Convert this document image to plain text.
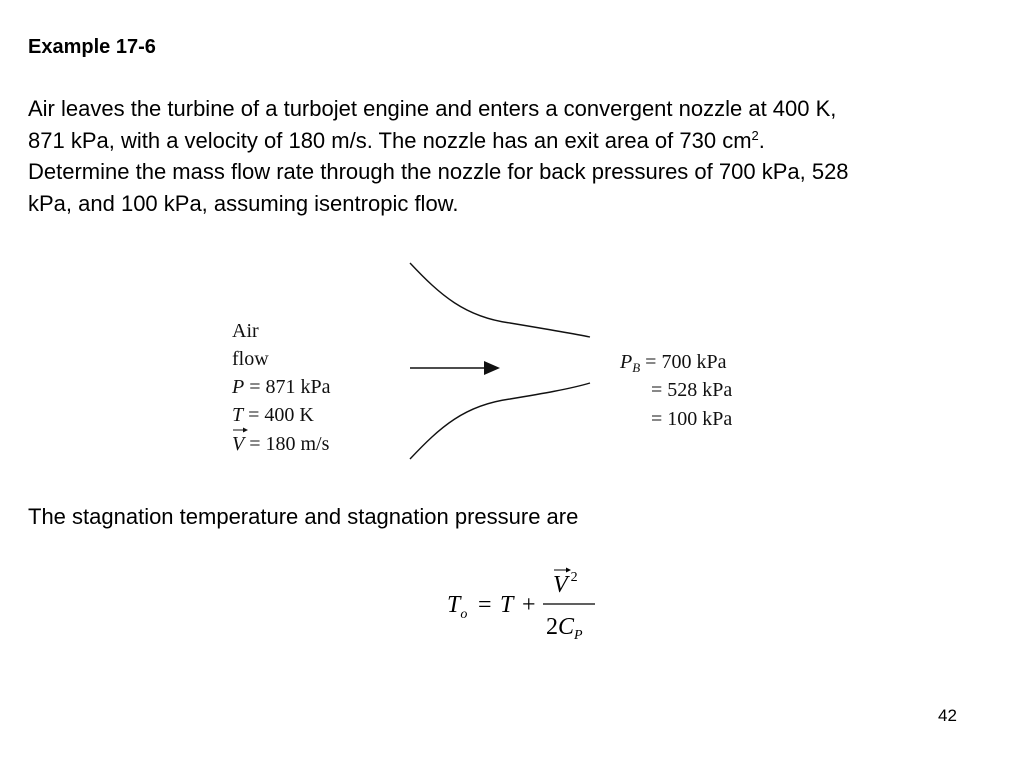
Example 17-6
Air leaves the turbine of a turbojet engine and enters a convergent nozzle at 400 K,
871 kPa, with a velocity of 180 m/s. The nozzle has an exit area of 730 $cm^2$.
Determine the mass flow rate through the nozzle for back pressures of 700 kPa, 528
kPa, and 100 kPa, assuming isentropic flow.
Air
flow
P = 871 kPa
T = 400 K
V = 180 m/s
$P_B = 700$ kPa
= 528 kPa
= 100 kPa
The stagnation temperature and stagnation pressure are
$T_o = T$ +
V $^2$
$2C_P$
42
